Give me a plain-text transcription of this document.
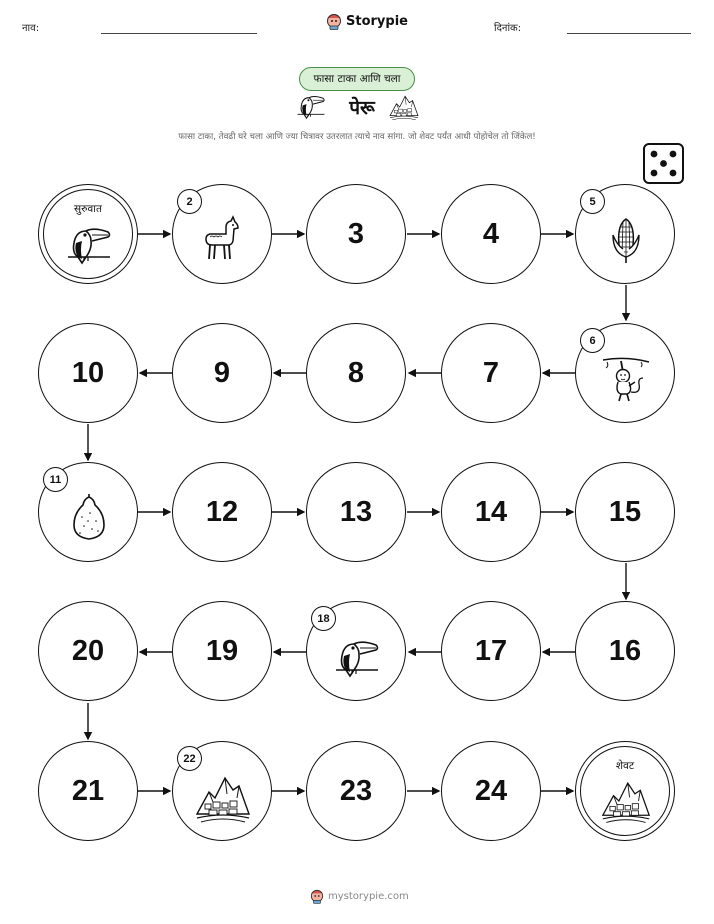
नाव:	Storypie	दिनांक:
फासा टाका आणि चला
पेरू
फासा टाका, तेवढी घरे चला आणि ज्या चित्रावर उतरलात त्याचे नाव सांगा. जो शेवट पर्यंत आधी पोहोचेल तो जिंकेल!
सुरुवात
2
3	4
5
10	9	8	7
6
11
12	13	14	15
20	19
18
17	16
21
22
23	24
शेवट
mystorypie.com
